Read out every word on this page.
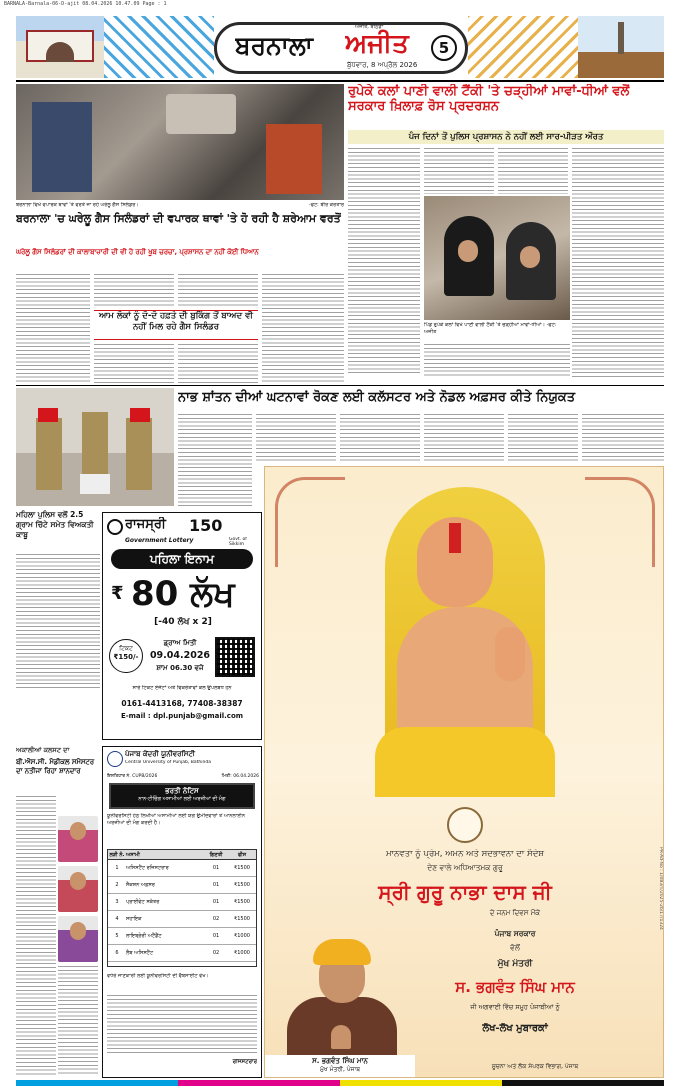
BARNALA-Barnala-06-D-ajit 08.04.2026 10.47.09 Page : 1
ਬਰਨਾਲਾ	ਅਜੀਤ
ਅਜੀਤ, ਬਠਿੰਡਾ
ਬੁੱਧਵਾਰ, 8 ਅਪ੍ਰੈਲ 2026
5
ਬਰਨਾਲਾ ਵਿਖੇ ਵਪਾਰਕ ਥਾਵਾਂ 'ਤੇ ਵਰਤੇ ਜਾ ਰਹੇ ਘਰੇਲੂ ਗੈਸ ਸਿਲੰਡਰ।	-ਫੋਟੋ: ਬੀਰ ਕਰਤਾਰ
ਰੁਪੇਕੇ ਕਲਾਂ ਪਾਣੀ ਵਾਲੀ ਟੈਂਕੀ 'ਤੇ ਚੜ੍ਹੀਆਂ ਮਾਵਾਂ-ਧੀਆਂ ਵਲੋਂ ਸਰਕਾਰ ਖ਼ਿਲਾਫ਼ ਰੋਸ ਪ੍ਰਦਰਸ਼ਨ
ਪੰਜ ਦਿਨਾਂ ਤੋਂ ਪੁਲਿਸ ਪ੍ਰਸ਼ਾਸਨ ਨੇ ਨਹੀਂ ਲਈ ਸਾਰ-ਪੀੜਤ ਔਰਤ
ਪਿੰਡ ਰੁਪੇਕੇ ਕਲਾਂ ਵਿਖੇ ਪਾਣੀ ਵਾਲੀ ਟੈਂਕੀ 'ਤੇ ਚੜ੍ਹੀਆਂ ਮਾਵਾਂ-ਧੀਆਂ। -ਫੋਟੋ: ਅਜੀਤ
ਬਰਨਾਲਾ 'ਚ ਘਰੇਲੂ ਗੈਸ ਸਿਲੰਡਰਾਂ ਦੀ ਵਪਾਰਕ ਥਾਵਾਂ 'ਤੇ ਹੋ ਰਹੀ ਹੈ ਸ਼ਰੇਆਮ ਵਰਤੋਂ
ਘਰੇਲੂ ਗੈਸ ਸਿਲੰਡਰਾਂ ਦੀ ਕਾਲਾਬਾਜ਼ਾਰੀ ਦੀ ਵੀ ਹੋ ਰਹੀ ਖੂਬ ਚਰਚਾ, ਪ੍ਰਸ਼ਾਸਨ ਦਾ ਨਹੀਂ ਕੋਈ ਧਿਆਨ
ਆਮ ਲੋਕਾਂ ਨੂੰ ਦੋ-ਦੋ ਹਫ਼ਤੇ ਦੀ ਬੁਕਿੰਗ ਤੋਂ ਬਾਅਦ ਵੀ ਨਹੀਂ ਮਿਲ ਰਹੇ ਗੈਸ ਸਿਲੰਡਰ
ਨਾਭ ਸ਼ਾਂਤਨ ਦੀਆਂ ਘਟਨਾਵਾਂ ਰੋਕਣ ਲਈ ਕਲੱਸਟਰ ਅਤੇ ਨੋਡਲ ਅਫ਼ਸਰ ਕੀਤੇ ਨਿਯੁਕਤ
ਮਹਿਲਾ ਪੁਲਿਸ ਵਲੋਂ 2.5 ਗ੍ਰਾਮ ਚਿੱਟੇ ਸਮੇਤ ਵਿਅਕਤੀ ਕਾਬੂ
ਰਾਜਸ੍ਰੀ	150
Government Lottery	Govt. of Sikkim
ਪਹਿਲਾ ਇਨਾਮ
₹ 80 ਲੱਖ
[-40 ਲੱਖ x 2]
ਟਿਕਟ
₹150/-
ਡ੍ਰਾਅ ਮਿਤੀ
09.04.2026
ਸ਼ਾਮ 06.30 ਵਜੇ
ਸਾਰੇ ਟਿਕਟ ਏਜੰਟਾਂ ਅਤੇ ਵਿਕਰੇਤਾਵਾਂ ਕੋਲ ਉਪਲਬਧ ਹਨ
0161-4413168, 77408-38387
E-mail : dpl.punjab@gmail.com
ਅਕਾਲੀਆਂ ਕਲਸਟ ਦਾ
ਬੀ.ਐਸ.ਸੀ. ਮੈਡੀਕਲ ਸਮੈਸਟਰ ਦਾ ਨਤੀਜਾ ਰਿਹਾ ਸ਼ਾਨਦਾਰ
ਪੰਜਾਬ ਕੇਂਦਰੀ ਯੂਨੀਵਰਸਿਟੀ
Central University of Punjab, Bathinda
ਇਸ਼ਤਿਹਾਰ ਨੰ. CUPB/2026	ਮਿਤੀ: 06.04.2026
ਭਰਤੀ ਨੋਟਿਸ
ਨਾਨ-ਟੀਚਿੰਗ ਅਸਾਮੀਆਂ ਲਈ ਅਰਜ਼ੀਆਂ ਦੀ ਮੰਗ
ਯੂਨੀਵਰਸਿਟੀ ਹੇਠ ਲਿਖੀਆਂ ਅਸਾਮੀਆਂ ਲਈ ਯੋਗ ਉਮੀਦਵਾਰਾਂ ਤੋਂ ਆਨਲਾਈਨ ਅਰਜ਼ੀਆਂ ਦੀ ਮੰਗ ਕਰਦੀ ਹੈ।
ਲੜੀ ਨੰ. ਅਸਾਮੀ	ਗਿਣਤੀ	ਫੀਸ
1	ਅਸਿਸਟੈਂਟ ਰਜਿਸਟਰਾਰ	01	₹1500
2	ਸੈਕਸ਼ਨ ਅਫ਼ਸਰ	01	₹1500
3	ਪ੍ਰਾਈਵੇਟ ਸਕੱਤਰ	01	₹1500
4	ਸਹਾਇਕ	02	₹1500
5	ਲਾਇਬ੍ਰੇਰੀ ਅਟੈਂਡੈਂਟ	01	₹1000
6	ਲੈਬ ਅਸਿਸਟੈਂਟ	02	₹1000
ਵਧੇਰੇ ਜਾਣਕਾਰੀ ਲਈ ਯੂਨੀਵਰਸਿਟੀ ਦੀ ਵੈੱਬਸਾਈਟ ਵੇਖੋ।
ਰਜਿਸਟਰਾਰ
ਮਾਨਵਤਾ ਨੂੰ ਪ੍ਰੇਮ, ਅਮਨ ਅਤੇ ਸਦਭਾਵਨਾ ਦਾ ਸੰਦੇਸ਼
ਦੇਣ ਵਾਲੇ ਅਧਿਆਤਮਕ ਗੁਰੂ
ਸ੍ਰੀ ਗੁਰੂ ਨਾਭਾ ਦਾਸ ਜੀ
ਦੇ ਜਨਮ ਦਿਵਸ ਮੌਕੇ
ਪੰਜਾਬ ਸਰਕਾਰ
ਵੱਲੋਂ
ਮੁੱਖ ਮੰਤਰੀ
ਸ. ਭਗਵੰਤ ਸਿੰਘ ਮਾਨ
ਜੀ ਅਗਵਾਈ ਵਿੱਚ ਸਮੂਹ ਪੰਜਾਬੀਆਂ ਨੂੰ
ਲੱਖ-ਲੱਖ ਮੁਬਾਰਕਾਂ
ਸ. ਭਗਵੰਤ ਸਿੰਘ ਮਾਨ
ਮੁੱਖ ਮੰਤਰੀ, ਪੰਜਾਬ	ਸੂਚਨਾ ਅਤੇ ਲੋਕ ਸੰਪਰਕ ਵਿਭਾਗ, ਪੰਜਾਬ
PR-Ad-No : 1/083/T/2025-26/17/1324
